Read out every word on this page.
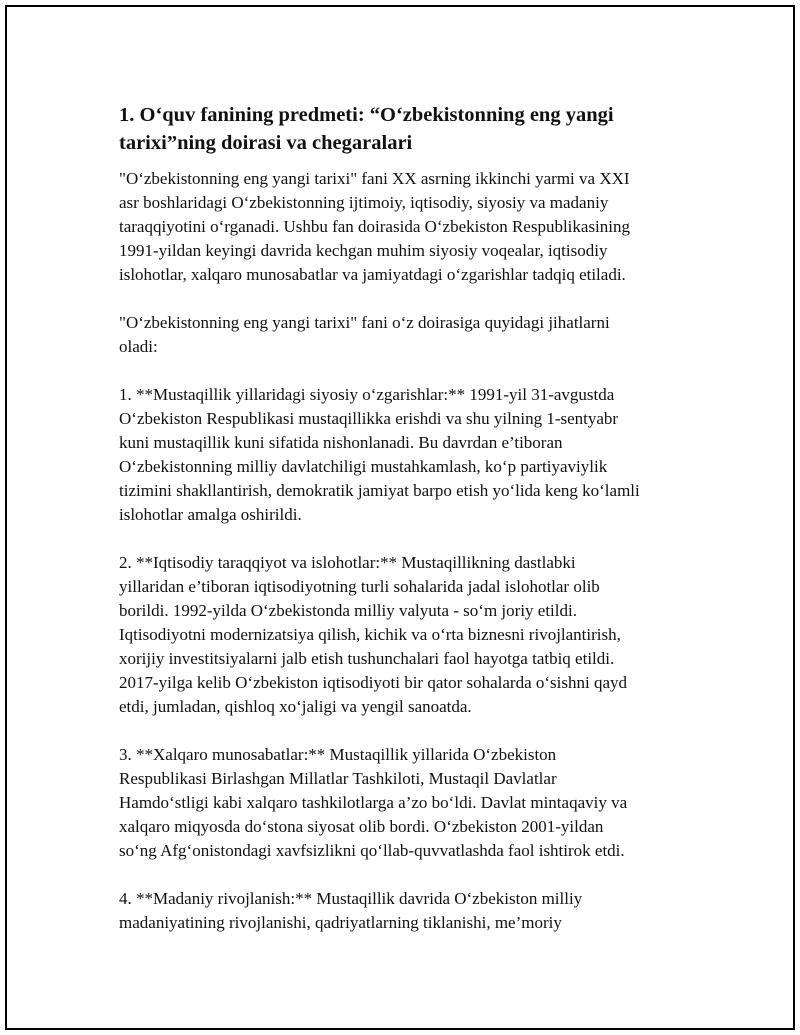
1. O‘quv fanining predmeti: “O‘zbekistonning eng yangi
tarixi”ning doirasi va chegaralari

"O‘zbekistonning eng yangi tarixi" fani XX asrning ikkinchi yarmi va XXI
asr boshlaridagi O‘zbekistonning ijtimoiy, iqtisodiy, siyosiy va madaniy
taraqqiyotini o‘rganadi. Ushbu fan doirasida O‘zbekiston Respublikasining
1991-yildan keyingi davrida kechgan muhim siyosiy voqealar, iqtisodiy
islohotlar, xalqaro munosabatlar va jamiyatdagi o‘zgarishlar tadqiq etiladi.

"O‘zbekistonning eng yangi tarixi" fani o‘z doirasiga quyidagi jihatlarni
oladi:

1. **Mustaqillik yillaridagi siyosiy o‘zgarishlar:** 1991-yil 31-avgustda
O‘zbekiston Respublikasi mustaqillikka erishdi va shu yilning 1-sentyabr
kuni mustaqillik kuni sifatida nishonlanadi. Bu davrdan e’tiboran
O‘zbekistonning milliy davlatchiligi mustahkamlash, ko‘p partiyaviylik
tizimini shakllantirish, demokratik jamiyat barpo etish yo‘lida keng ko‘lamli
islohotlar amalga oshirildi.

2. **Iqtisodiy taraqqiyot va islohotlar:** Mustaqillikning dastlabki
yillaridan e’tiboran iqtisodiyotning turli sohalarida jadal islohotlar olib
borildi. 1992-yilda O‘zbekistonda milliy valyuta - so‘m joriy etildi.
Iqtisodiyotni modernizatsiya qilish, kichik va o‘rta biznesni rivojlantirish,
xorijiy investitsiyalarni jalb etish tushunchalari faol hayotga tatbiq etildi.
2017-yilga kelib O‘zbekiston iqtisodiyoti bir qator sohalarda o‘sishni qayd
etdi, jumladan, qishloq xo‘jaligi va yengil sanoatda.

3. **Xalqaro munosabatlar:** Mustaqillik yillarida O‘zbekiston
Respublikasi Birlashgan Millatlar Tashkiloti, Mustaqil Davlatlar
Hamdo‘stligi kabi xalqaro tashkilotlarga a’zo bo‘ldi. Davlat mintaqaviy va
xalqaro miqyosda do‘stona siyosat olib bordi. O‘zbekiston 2001-yildan
so‘ng Afg‘onistondagi xavfsizlikni qo‘llab-quvvatlashda faol ishtirok etdi.

4. **Madaniy rivojlanish:** Mustaqillik davrida O‘zbekiston milliy
madaniyatining rivojlanishi, qadriyatlarning tiklanishi, me’moriy
